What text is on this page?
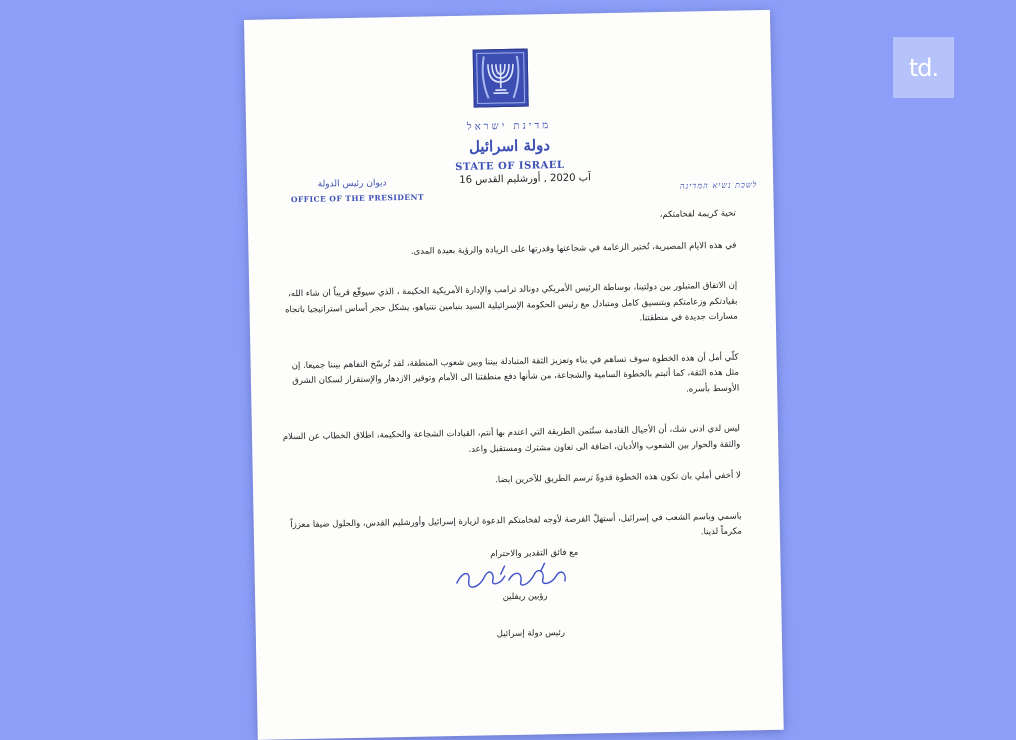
td.
מדינת ישראל
دولة اسرائيل
STATE OF ISRAEL
16 آب 2020 , أورشليم القدس
ديوان رئيس الدولة
OFFICE OF THE PRESIDENT
לשכת נשיא המדינה

تحية كريمة لفخامتكم،

في هذه الايام المصيرية، تُختبر الزعامة في شجاعتها وقدرتها على الريادة والرؤية بعيدة المدى.

إن الاتفاق المتبلور بين دولتينا، بوساطة الرئيس الأمريكي دونالد ترامب والإدارة الأمريكية الحكيمة ، الذي سيوقّع قريباً ان شاء الله، بقيادتكم وزعامتكم وبتنسيق كامل ومتبادل مع رئيس الحكومة الإسرائيلية السيد بنيامين نتنياهو، يشكل حجر أساس استراتيجيا باتجاه مسارات جديدة في منطقتنا.

كلّي أمل أن هذه الخطوة سوف تساهم في بناء وتعزيز الثقة المتبادلة بيننا وبين شعوب المنطقة، لقد تُرسّخ التفاهم بيننا جميعا. إن مثل هذه الثقة، كما أثبتم بالخطوة السامية والشجاعة، من شأنها دفع منطقتنا الى الأمام وتوفير الازدهار والإستقرار لسكان الشرق الأوسط بأسره.

ليس لدي ادنى شك، أن الأجيال القادمة ستُثمن الطريقة التي اعتدم بها أنتم، القيادات الشجاعة والحكيمة، اطلاق الخطاب عن السلام والثقة والحوار بين الشعوب والأديان، اضافة الى تعاون مشترك ومستقبل واعد.

لا أخفي أملي بان تكون هذه الخطوة قدوةً ترسم الطريق للآخرين ايضا.

باسمي وباسم الشعب في إسرائيل، أستهلّ الفرصة لأوجه لفخامتكم الدعوة لزيارة إسرائيل وأورشليم القدس، والحلول ضيفا معززاً مكرماً لدينا.

مع فائق التقدير والاحترام
رؤبين ريفلين
رئيس دولة إسرائيل
